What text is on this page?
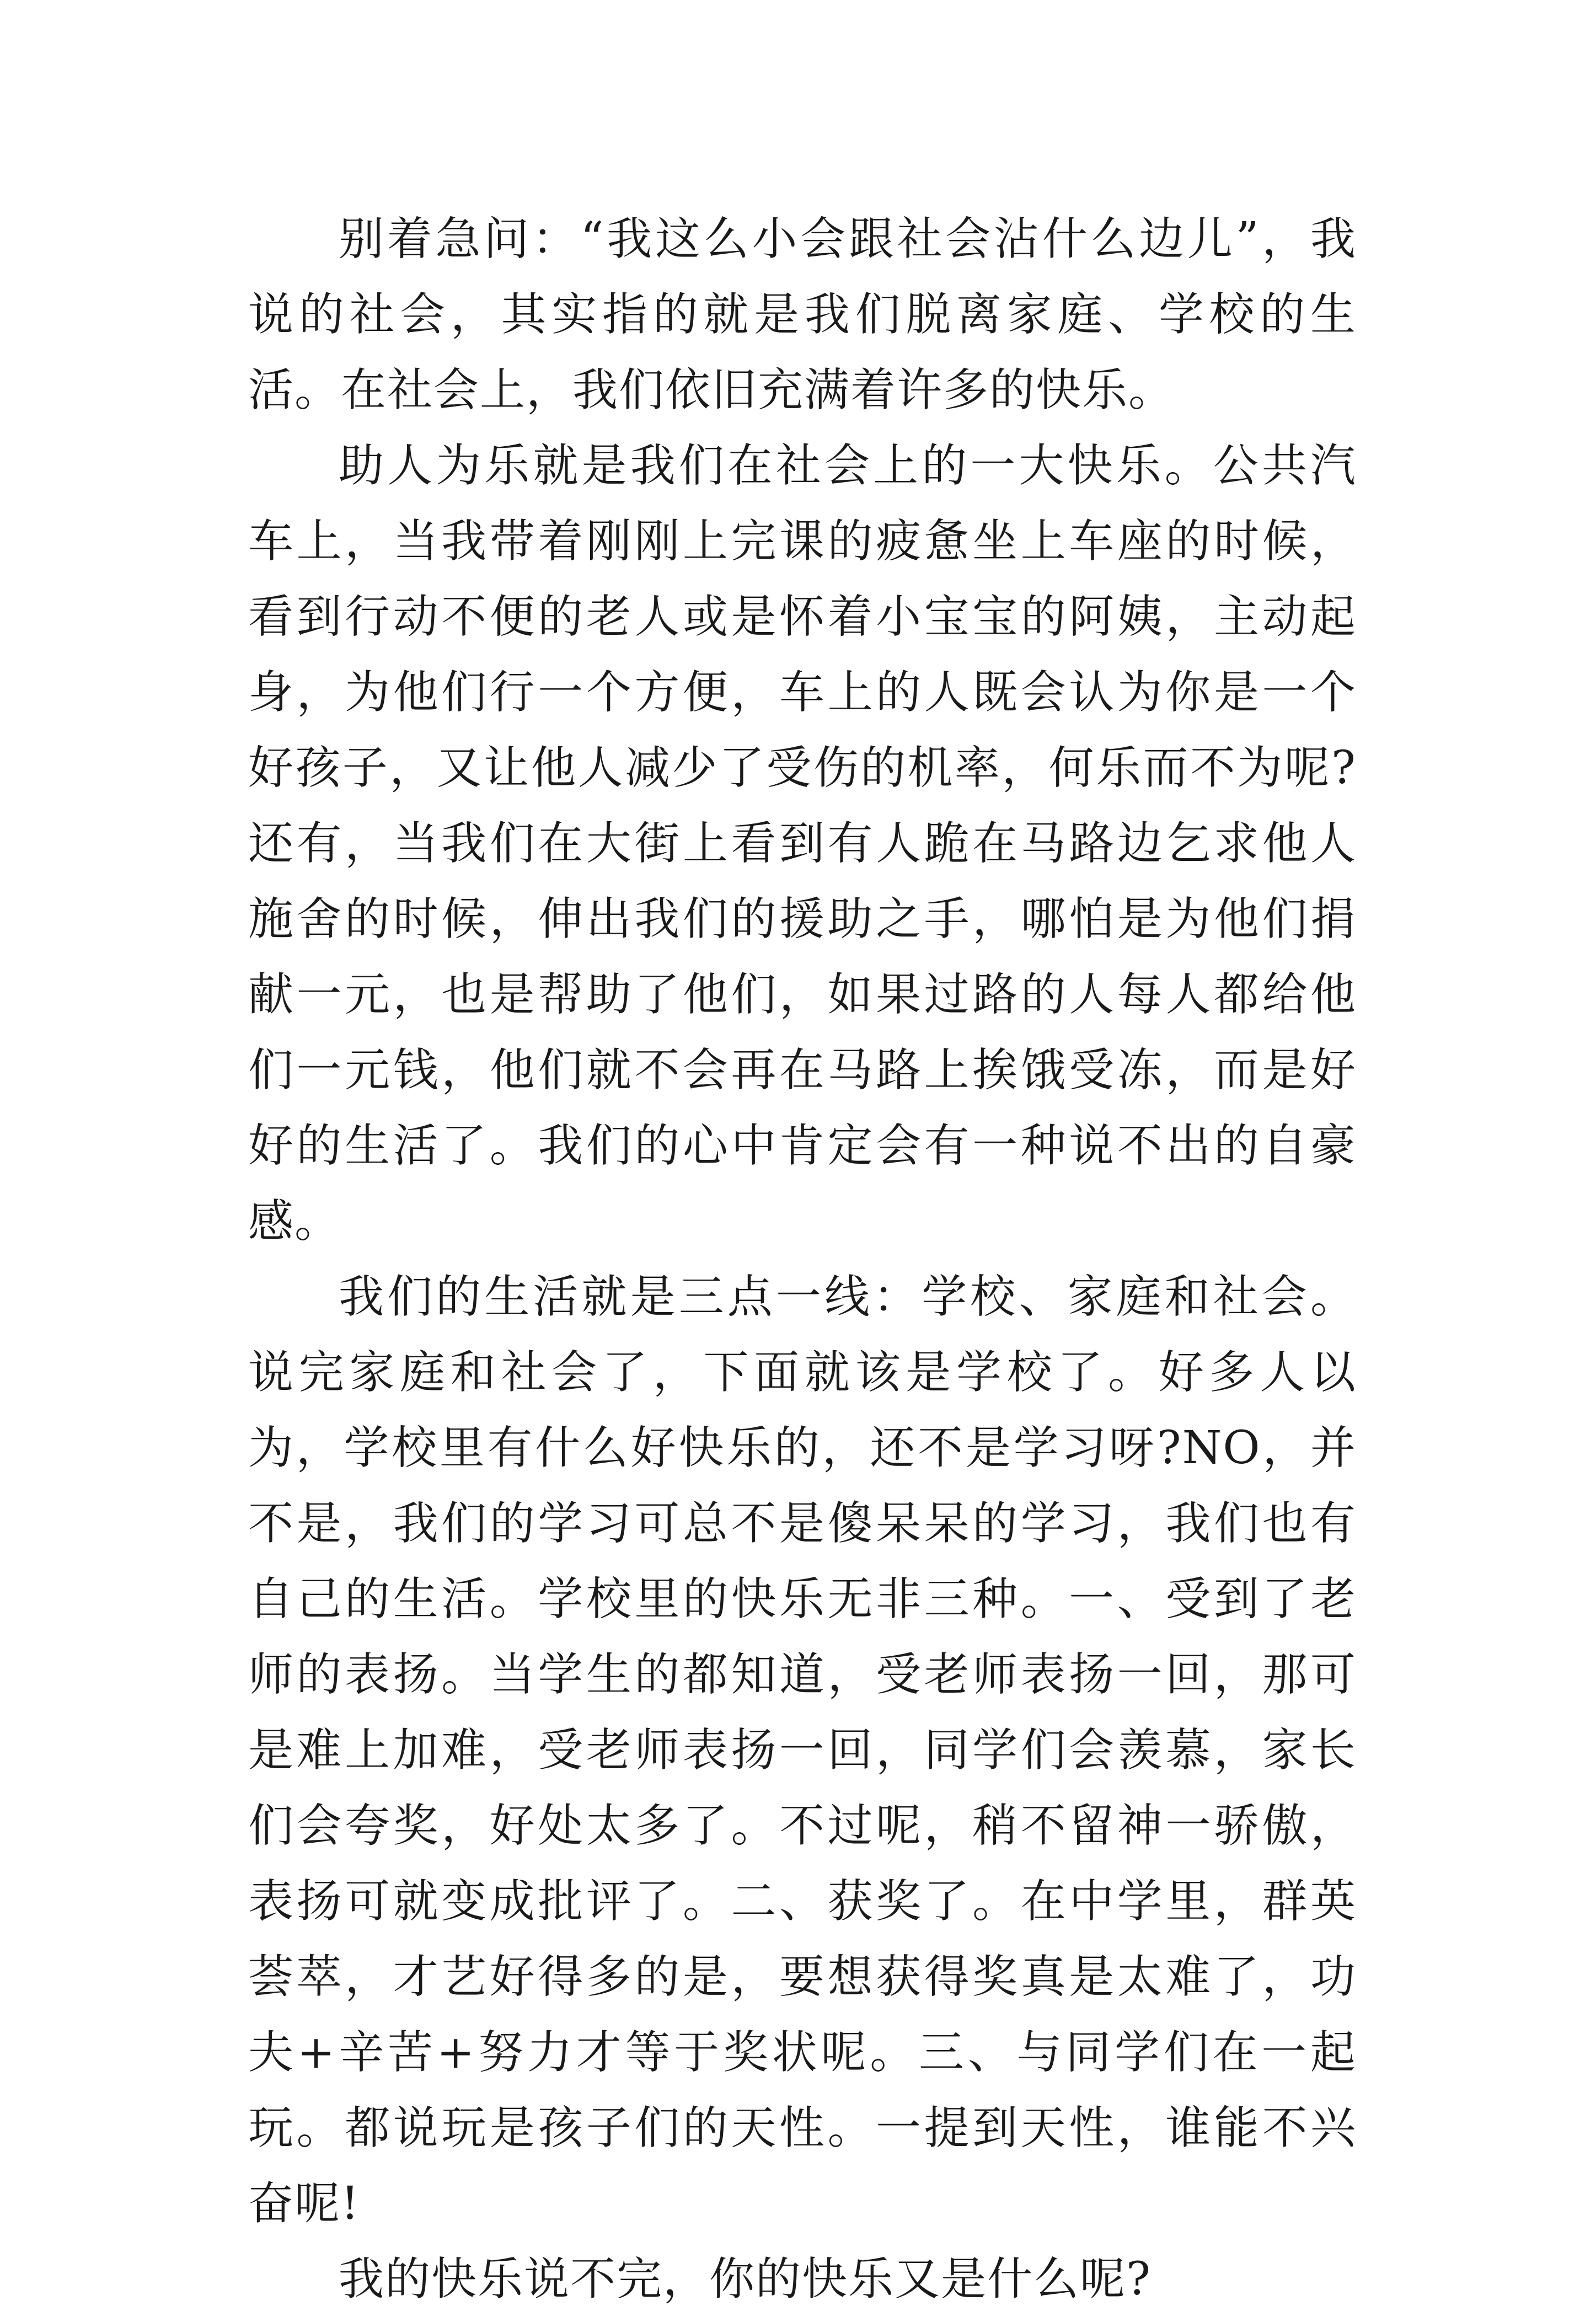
别着急问：“我这么小会跟社会沾什么边儿”，我说的社会，其实指的就是我们脱离家庭、学校的生活。在社会上，我们依旧充满着许多的快乐。

助人为乐就是我们在社会上的一大快乐。公共汽车上，当我带着刚刚上完课的疲惫坐上车座的时候，看到行动不便的老人或是怀着小宝宝的阿姨，主动起身，为他们行一个方便，车上的人既会认为你是一个好孩子，又让他人减少了受伤的机率，何乐而不为呢?还有，当我们在大街上看到有人跪在马路边乞求他人施舍的时候，伸出我们的援助之手，哪怕是为他们捐献一元，也是帮助了他们，如果过路的人每人都给他们一元钱，他们就不会再在马路上挨饿受冻，而是好好的生活了。我们的心中肯定会有一种说不出的自豪感。

我们的生活就是三点一线：学校、家庭和社会。说完家庭和社会了，下面就该是学校了。好多人以为，学校里有什么好快乐的，还不是学习呀?NO，并不是，我们的学习可总不是傻呆呆的学习，我们也有自己的生活。学校里的快乐无非三种。一、受到了老师的表扬。当学生的都知道，受老师表扬一回，那可是难上加难，受老师表扬一回，同学们会羡慕，家长们会夸奖，好处太多了。不过呢，稍不留神一骄傲，表扬可就变成批评了。二、获奖了。在中学里，群英荟萃，才艺好得多的是，要想获得奖真是太难了，功夫+辛苦+努力才等于奖状呢。三、与同学们在一起玩。都说玩是孩子们的天性。一提到天性，谁能不兴奋呢!

我的快乐说不完，你的快乐又是什么呢?
